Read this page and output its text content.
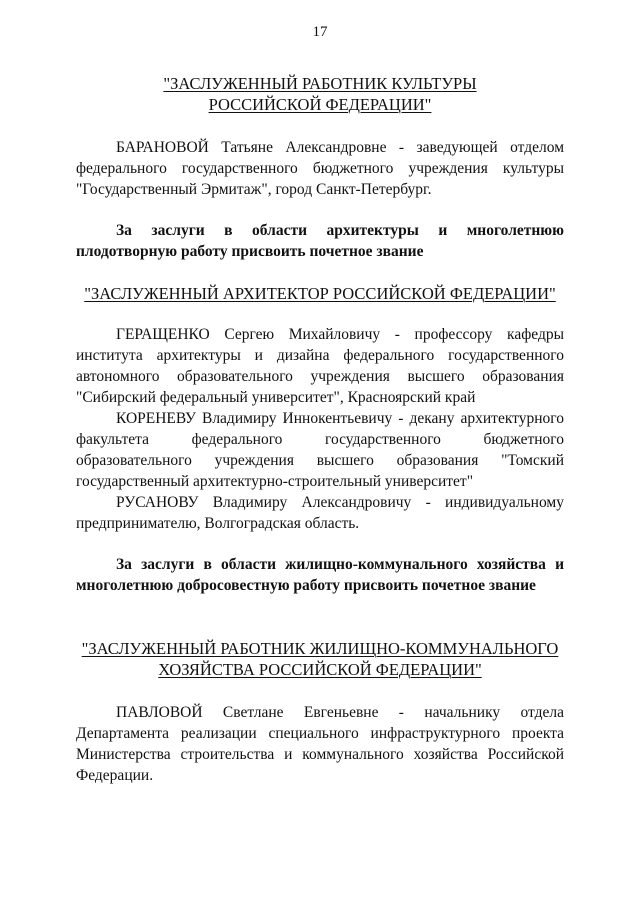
17
"ЗАСЛУЖЕННЫЙ РАБОТНИК КУЛЬТУРЫ
РОССИЙСКОЙ ФЕДЕРАЦИИ"
БАРАНОВОЙ Татьяне Александровне - заведующей отделом федерального государственного бюджетного учреждения культуры "Государственный Эрмитаж", город Санкт-Петербург.
За заслуги в области архитектуры и многолетнюю плодотворную работу присвоить почетное звание
"ЗАСЛУЖЕННЫЙ АРХИТЕКТОР РОССИЙСКОЙ ФЕДЕРАЦИИ"
ГЕРАЩЕНКО Сергею Михайловичу - профессору кафедры института архитектуры и дизайна федерального государственного автономного образовательного учреждения высшего образования "Сибирский федеральный университет", Красноярский край
КОРЕНЕВУ Владимиру Иннокентьевичу - декану архитектурного факультета федерального государственного бюджетного образовательного учреждения высшего образования "Томский государственный архитектурно-строительный университет"
РУСАНОВУ Владимиру Александровичу - индивидуальному предпринимателю, Волгоградская область.
За заслуги в области жилищно-коммунального хозяйства и многолетнюю добросовестную работу присвоить почетное звание
"ЗАСЛУЖЕННЫЙ РАБОТНИК ЖИЛИЩНО-КОММУНАЛЬНОГО
ХОЗЯЙСТВА РОССИЙСКОЙ ФЕДЕРАЦИИ"
ПАВЛОВОЙ Светлане Евгеньевне - начальнику отдела Департамента реализации специального инфраструктурного проекта Министерства строительства и коммунального хозяйства Российской Федерации.
